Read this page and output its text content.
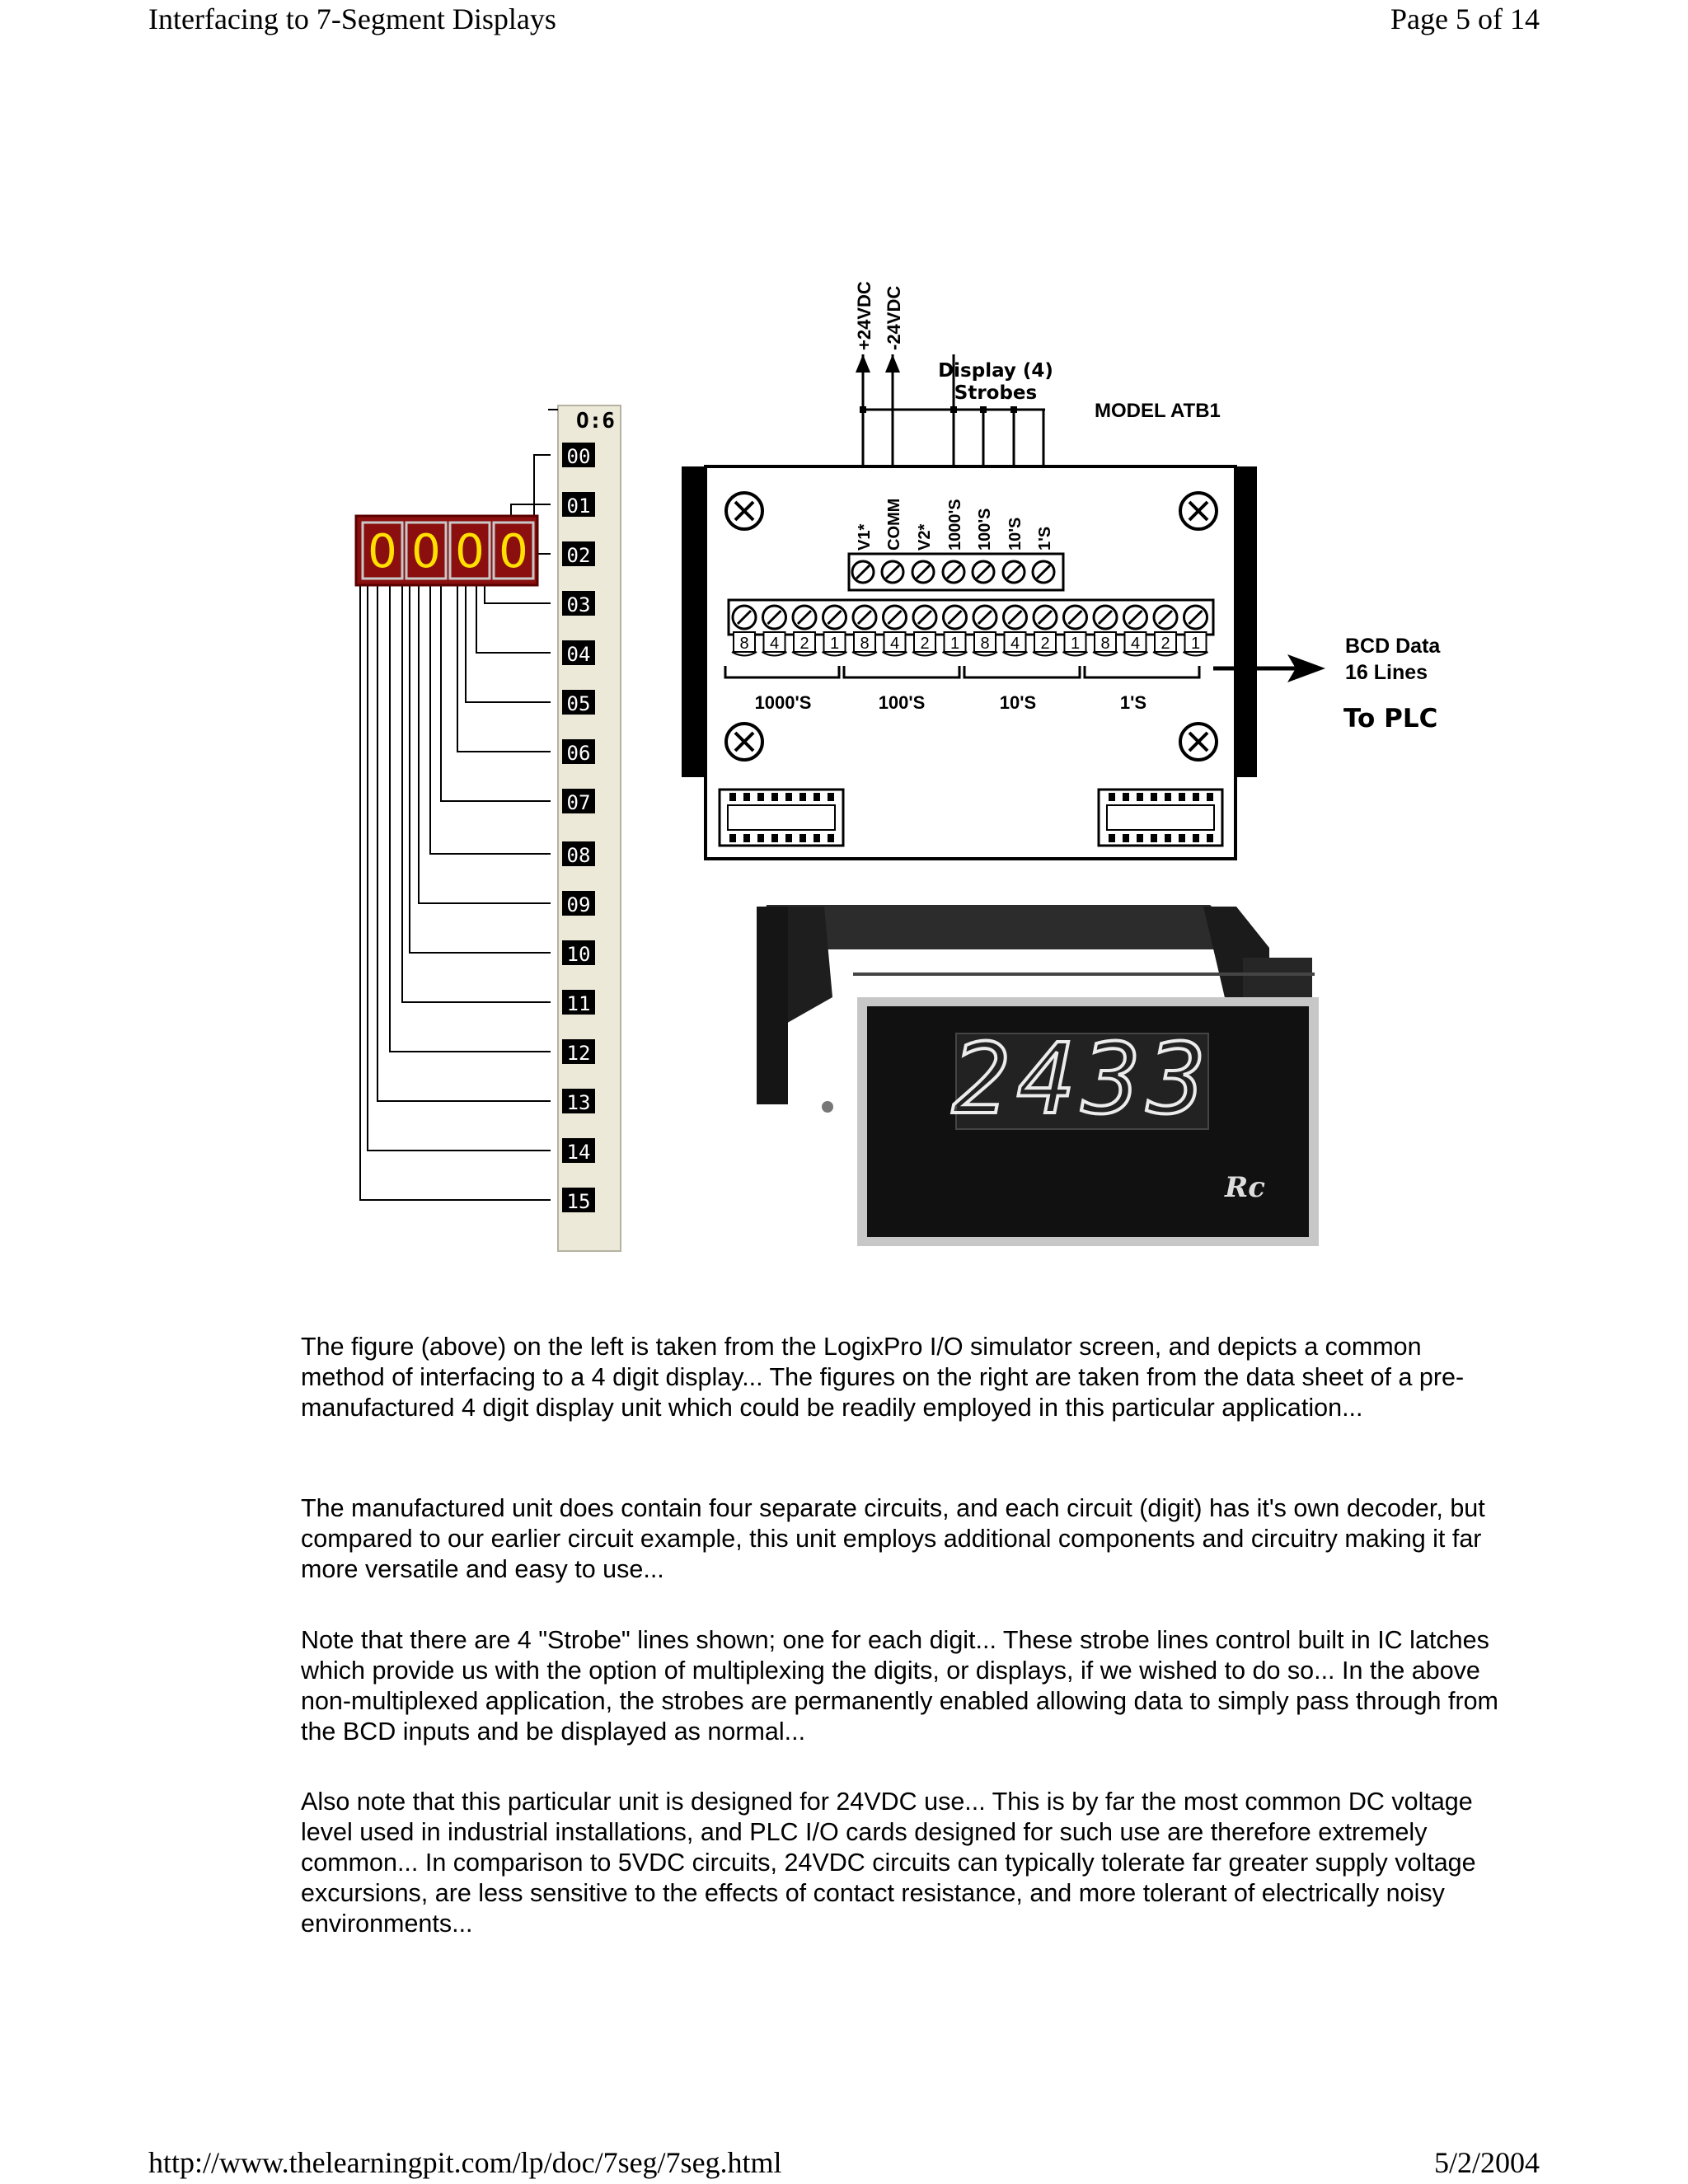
Interfacing to 7-Segment Displays	Page 5 of 14
O:6
00
01
02
03
04
05
06
07
08
09
10
11
12
13
14
15
0 0 0 0
+24VDC -24VDC
Display (4)
Strobes
MODEL ATB1
V1* COMM V2* 1000'S 100'S 10'S 1'S
8 4 2 1 8 4 2 1 8 4 2 1 8 4 2 1
1000'S	100'S	10'S	1'S
BCD Data
16 Lines
To PLC
2433
Rc

The figure (above) on the left is taken from the LogixPro I/O simulator screen, and depicts a common method of interfacing to a 4 digit display... The figures on the right are taken from the data sheet of a pre-manufactured 4 digit display unit which could be readily employed in this particular application...

The manufactured unit does contain four separate circuits, and each circuit (digit) has it's own decoder, but compared to our earlier circuit example, this unit employs additional components and circuitry making it far more versatile and easy to use...

Note that there are 4 "Strobe" lines shown; one for each digit... These strobe lines control built in IC latches which provide us with the option of multiplexing the digits, or displays, if we wished to do so... In the above non-multiplexed application, the strobes are permanently enabled allowing data to simply pass through from the BCD inputs and be displayed as normal...

Also note that this particular unit is designed for 24VDC use... This is by far the most common DC voltage level used in industrial installations, and PLC I/O cards designed for such use are therefore extremely common... In comparison to 5VDC circuits, 24VDC circuits can typically tolerate far greater supply voltage excursions, are less sensitive to the effects of contact resistance, and more tolerant of electrically noisy environments...

http://www.thelearningpit.com/lp/doc/7seg/7seg.html	5/2/2004
